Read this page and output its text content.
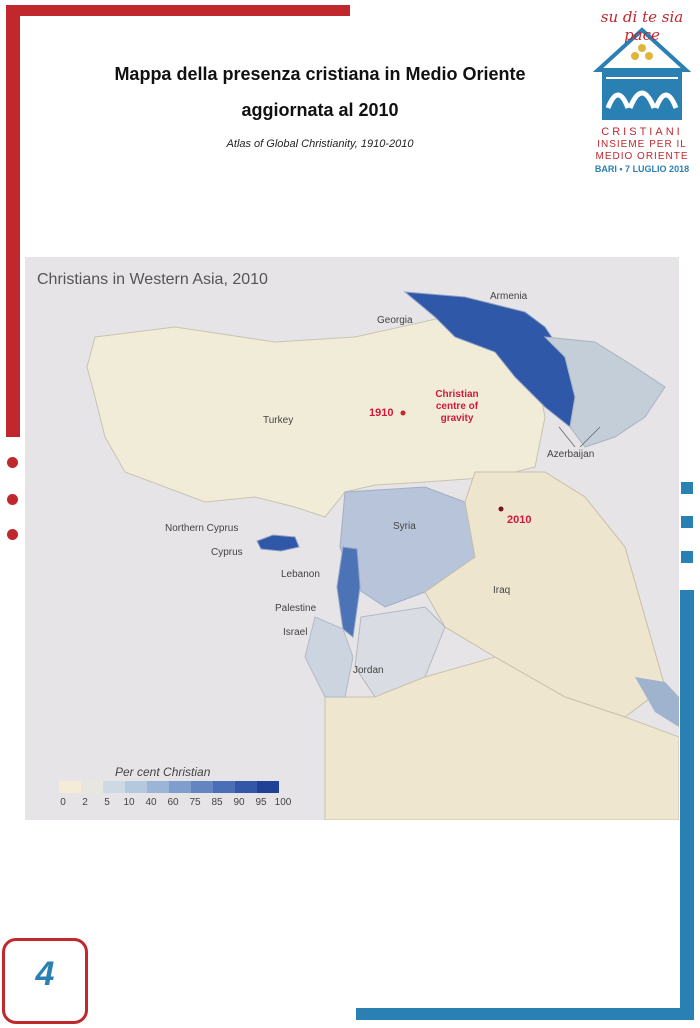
Mappa della presenza cristiana in Medio Oriente
aggiornata al 2010
Atlas of Global Christianity, 1910-2010
su di te sia pace
CRISTIANI
INSIEME PER IL
MEDIO ORIENTE
BARI • 7 LUGLIO 2018
Christians in Western Asia, 2010
Armenia
Georgia
Turkey
Azerbaijan
Northern Cyprus
Cyprus
Lebanon
Syria
Iraq
Palestine
Israel
Jordan
1910
2010
Christian
centre of
gravity
Per cent Christian
0	2	5	10	40	60	75	85	90	95 100
4
